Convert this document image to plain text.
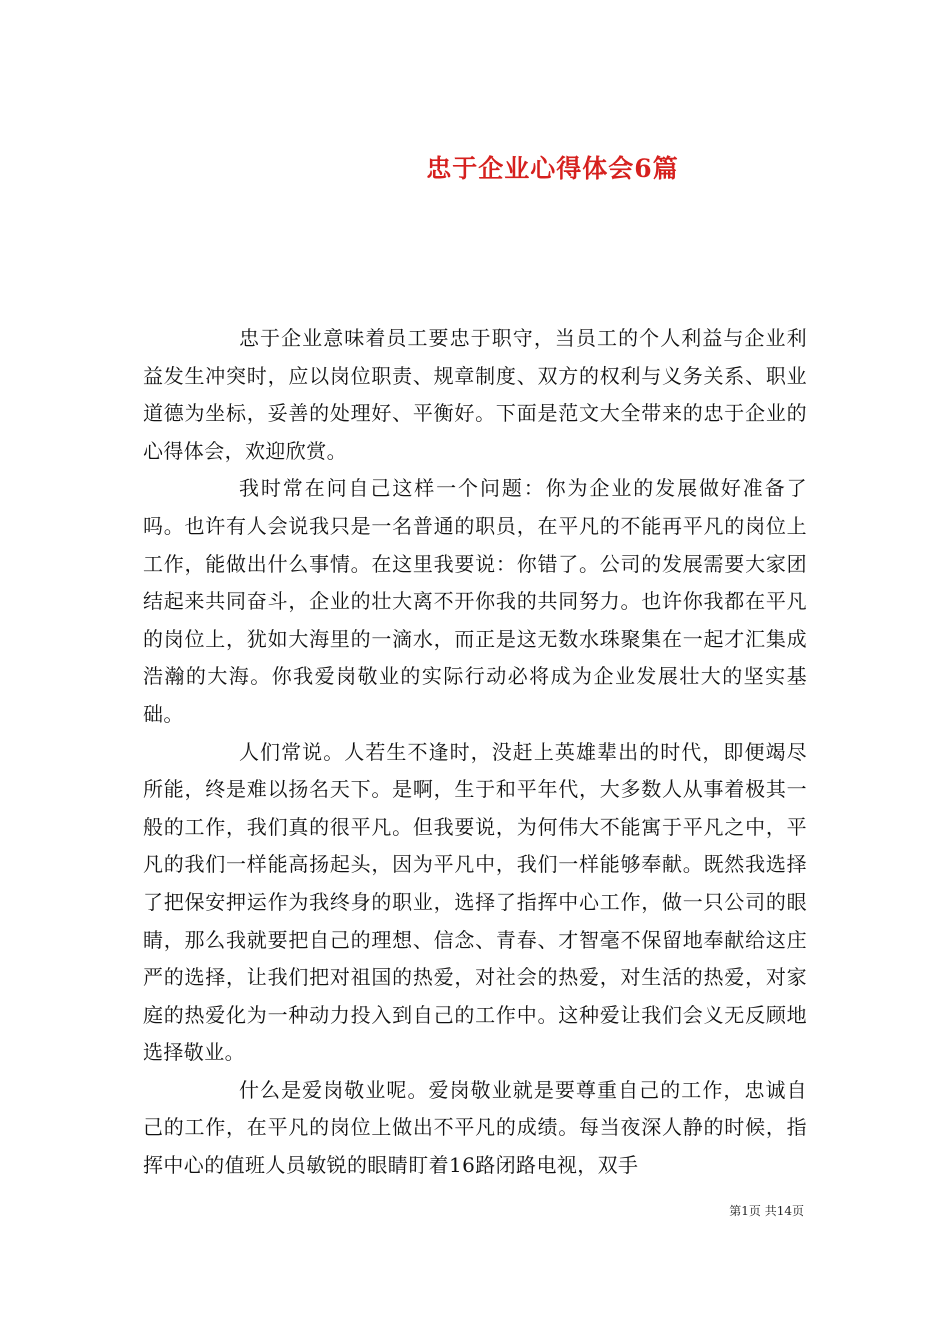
忠于企业心得体会6篇

忠于企业意味着员工要忠于职守，当员工的个人利益与企业利益发生冲突时，应以岗位职责、规章制度、双方的权利与义务关系、职业道德为坐标，妥善的处理好、平衡好。下面是范文大全带来的忠于企业的心得体会，欢迎欣赏。

我时常在问自己这样一个问题：你为企业的发展做好准备了吗。也许有人会说我只是一名普通的职员，在平凡的不能再平凡的岗位上工作，能做出什么事情。在这里我要说：你错了。公司的发展需要大家团结起来共同奋斗，企业的壮大离不开你我的共同努力。也许你我都在平凡的岗位上，犹如大海里的一滴水，而正是这无数水珠聚集在一起才汇集成浩瀚的大海。你我爱岗敬业的实际行动必将成为企业发展壮大的坚实基础。

人们常说。人若生不逢时，没赶上英雄辈出的时代，即便竭尽所能，终是难以扬名天下。是啊，生于和平年代，大多数人从事着极其一般的工作，我们真的很平凡。但我要说，为何伟大不能寓于平凡之中，平凡的我们一样能高扬起头，因为平凡中，我们一样能够奉献。既然我选择了把保安押运作为我终身的职业，选择了指挥中心工作，做一只公司的眼睛，那么我就要把自己的理想、信念、青春、才智毫不保留地奉献给这庄严的选择，让我们把对祖国的热爱，对社会的热爱，对生活的热爱，对家庭的热爱化为一种动力投入到自己的工作中。这种爱让我们会义无反顾地选择敬业。

什么是爱岗敬业呢。爱岗敬业就是要尊重自己的工作，忠诚自己的工作，在平凡的岗位上做出不平凡的成绩。每当夜深人静的时候，指挥中心的值班人员敏锐的眼睛盯着16路闭路电视，双手

第1页 共14页
